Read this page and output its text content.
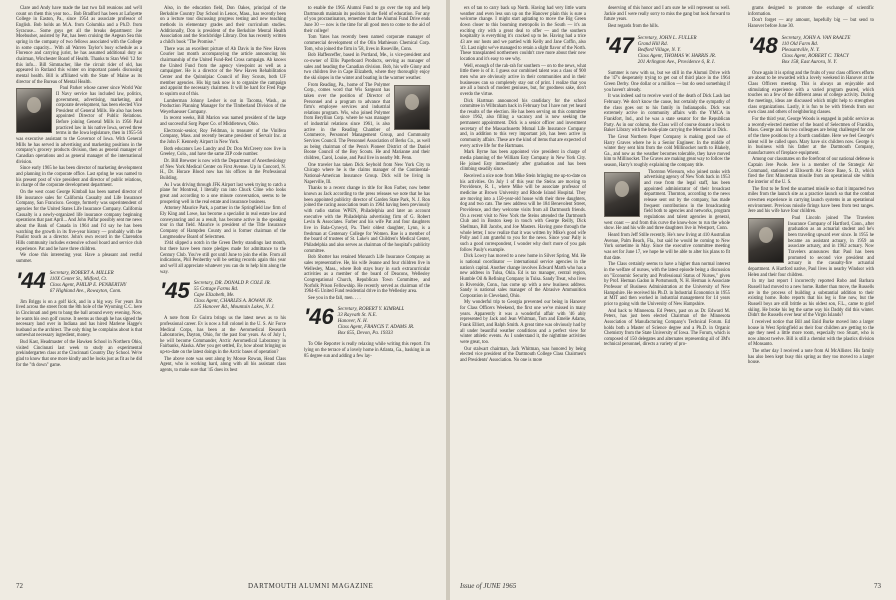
Clare and Andy have made the last two fall reunions and we'll count on them this year too... Bob Bradford has been at Lafayette College in Easton, Pa., since 1954 as associate professor of English. Bob holds an M.A. from Columbia and a Ph.D. from Syracuse... Some guys get all the breaks department: Joe Moebusher, assisted by Pat, has been cruising the Aegean Sea this spring in the company of two fellows associated with the College in some capacity... With all Warren Taylor's busy schedule as a Florence and carrying jurist, he has assumed additional duty as chairman, Winchester Board of Health. Thanks to Stan Weil '12 for this info... Bill Simmacher, like the circuit rider of old, has appeared in Rutland this winter on important panels discussing mental health. Bill is affiliated with the State of Maine as its director of the Bureau of Mental Health.

Paul Parker whose career since World War II Navy service has included law, politics, government, advertising, marketing, and corporate development, has been elected Vice President of General Mills. He also has been appointed Director of Public Relations. Before joining General Mills in 1956 Paul practiced law in his native Iowa, served three terms in the Iowa legislature, then in 1955-56 was executive assistant to the Governor of Iowa. With General Mills he has served in advertising and marketing positions in the company's grocery products division, then as general manager of Canadian operations and as general manager of the international division.

Since early 1965 he has been director of marketing development and planning in the corporate office. Last spring he was named to his present post of vice president and director of public relations, in charge of the corporate development department.

On the west coast George Kimball has been named director of life insurance sales for California Casualty and Life Insurance Company, San Francisco. George, formerly was superintendent of agencies for the United States Life Insurance Company. California Casualty is a newly-organized life insurance company beginning operations that past April... And John Palfar possibly sent me news about the Bank of Canada in 1964 and I'd say he has been watching the growth in its five-year history — probably with the Paulist touch as a director. John's own record in the Clarendon Hills community includes extensive school board and service club experience. Pat and he have three children.

We close this interesting year. Have a pleasant and restful summer.

'44 Secretary, ROBERT A. MILLER
110X Center St., Milford, Ct.
Class Agent, PHILIP E. PENBERTHY
67 Highland Ave., Rowayton, Conn.

Jim Briggs is on a golf kick, and in a big way. For years Jim lived across the street from the 8th hole of the Wyoming C.C. here in Cincinnati and gets to bang the ball around every evening. Now, he wants his own golf course. It seems as though he has signed the necessary land over in Indiana and has hired Marlene Hagge's husband as the architect. The only thing he complains about is that somewhat necessary ingredient, money.

Bud Kast, Headmaster of the Hawken School in Northern Ohio, visited Cincinnati last week to study an experimental prekindergarten class at the Cincinnati Country Day School. We're glad to know that one more kindly and he looks just as fit as he did for the "th down" game.

Also, in the education field, Don Oakes, principal of the Berkshire Country Day School in Lenox, Mass., has recently been on a lecture tour discussing progress testing and new teaching methods in elementary grades and their curriculum studies. Additionally, Don is president of the Berkshire Mental Health Association and the Stockbridge Library. Don has recently written a child's book "The Promise."

There was an excellent picture of Ab Davis in the New Haven Courier last month accompanying the article announcing his chairmanship of the United Fund-Red Cross campaign. Ab knows the United Fund from the agency viewpoint as well as a campaigner. He is a director of the New Haven Rehabilitation Center and the Quinnipiac Council of Boy Scouts, both UF member agencies. His big task now is to organize the campaign and appoint the necessary chairmen. It will be hard for Fred Page to squirm out of this.

Lumberman Johnny Lesher is out in Tacoma, Wash., as Production Planning Manager for the Timberland Division of the Weyerhaeuser Company.

In recent weeks, Bill Marion was named president of the large and successful Sorg Paper Co. of Middletown, Ohio.

Electronic-senior, Roy Feldman, is treasurer of the Vinifera Company, Mass. and recently became president of Servair Inc. at the John F. Kennedy Airport in New York.

Both educators Leo Landry and Dr. Don McCreery now live in Greeley, Colo., and have the same ZIP code number.

Dr. Bill Brewster is now with the Department of Anesthesiology of New York Medical Center on First Avenue. Up in Concord, N. H., Dr. Horace Blood now has his offices in the Professional Building.

As I was driving through JFK Airport last week trying to catch a plane for Montreal, I literally ran into Chuck Cline who looks great and according to a one minute conversation, seems to be prospering well in the real estate and insurance business.

Attorney Maurice Park, a partner in the Springfield law firm of Ely King and Lowe, has become a specialist in real estate law and conveyancing and as a result, has become active in the speaking tour in that field. Maurice is president of the Title Insurance Company of Hampden County and is former chairman of the Longmeadow Board of Selectmen.

1944 slipped a notch in the Green Derby standings last month, but there have been more pledges made for admittance to the Century Club. You've still got until June to join the elite. From all indications, Phil Penberthy will be setting records again this year and we'll all appreciate whatever you can do to help him along the way.

'45 Secretary, DR. DONALD P. COLE JR.
55 Cottage Farms Rd.
Cape Elizabeth, Me.
Class Agent, CHARLES A. ROWAN JR.
125 Hanover Rd., Mountain Lakes, N. J.

A note from Ev Guirra brings us the latest news as to his professional career. Ev is now a full colonel in the U. S. Air Force Medical Corps, has been at the Aeromedical Research Laboratories, Dayton, Ohio, for the past four years. As of July 1, he will become Commander, Arctic Aeromedical Laboratory in Fairbanks, Alaska. After you get settled, Ev, how about bringing us up-to-date on the latest doings in the Arctic bases of operation?

The above note was sent along by Moose Rowan, Head Class Agent, who is working hard, along with all his assistant class agents, to make sure that '45 does its best

to enable the 1965 Alumni Fund to go over the top and help Dartmouth maintain its position in the field of education. For any of you procrastinators, remember that the Alumni Fund Drive ends June 30 — now is the time for all good men to come to the aid of their college!

Tom Yates has recently been named corporate manager of commercial development of the Olin Mathieson Chemical Corp. Tom, who joined the firm in '58, lives in Roseville, Conn.

Bob Haffenreffer, based in Portland, Me., is vice-president and co-owner of Ellis Paperboard Products, serving as manager of sales and heading the Canadian division. Bob, his wife Ginny and two children live in Cape Elizabeth, where they thoroughly enjoy the ski slopes in the winter and boating in the warmer weather.

From Reading, Pa., home of The Polymer Corp., comes word that Wis Sargeant has taken over the position of Director of Personnel and a program to advance that firm's employee services and industrial relations program. Wis, who joined Polymer from Berylliun Corp. where he was manager of industrial relations since 1961, is also active in the Reading Chamber of Commerce, Personnel Management Group, and Community Services Council. The Personnel Association of Berks Co., as well as being chairman of the Penn's Pioneer District of the Daniel Boone Council of the Boy Scouts. He and Marianne and their children, Carol, Louise, and Paul live in nearby Mt. Penn.

One traveler has taken Dick Seybold from New York City to Chicago where he is the claims manager of the Continental-National-American Insurance Group. Dick will be living in Naperville, Ill.

Thanks to a recent change in title for Ron Farber, now better known as Jack according to the press releases we note that he has been appointed publicity director of Garden State Park, N. J. Ron joined the racing association team in 1964 having been previously with radio station WPEN, Philadelphia and later an account executive with the Philadelphia advertising firm of G. Robert Levin & Associates. Farber and his wife Pat and four daughters live in Bala-Cynwyd, Pa. Their oldest daughter, Lynn, is a freshman at Centenary College for Women. Roe is a member of the board of trustees of St. Luke's and Children's Medical Center, Philadelphia and also serves as chairman of the hospital's publicity committee.

Bob Shotter has retained Monarch Life Insurance Company as sales representative. He, his wife Jeanne and four children live in Wellesley, Mass., where Bob stays busy in such extracurricular activities as a member of the board of Deacons, Wellesley Congregational Church, Republican Town Committee, and Norfolk Prison Fellowship. He recently served as chairman of the 1964-65 United Fund residential drive in the Wellesley area.

See you in the fall, men. . . .

'46 Secretary, ROBERT Y. KIMBALL
33 Rayvath St. N.E.
Hanover, N. H.
Class Agent, FRANCIS T. ADAMS JR.
Box 655, Devon, Pa. 19333

To Olie Reporter is really relaxing while writing this report. I'm lying on the terrace of a lovely home in Atlanta, Ga., basking in an 85 degree sun and adding a few lay-

72	DARTMOUTH ALUMNI MAGAZINE

ers of tan to carry back up North. Having had very little warm weather and even less sun up on the Hanover plain this is sure a welcome change. I might start agitating to move the Big Green down closer to this booming metropolis in the South — it's an exciting city with a great deal to offer — and the southern hospitality is everything it's cracked up to be. Having had a trice 43 are our hosts and we partied with Kelly and Jane Coffin, also '43. Last night we've managed to retain a slight flavor of the North. These transplanted northerners couldn't rave more about their new location and it's easy to see why.

Well, enough of the rah-rah for southern — on to the news, what little there is of it. I guess our combined talent was a class of 900 men who are obviously active in their communities and in their businesses can so completely stay out of print. I realize that you are all a bunch of modest geniuses, but, for goodness sake, don't overdo the virtue.

Dick Hartman announced his candidacy for the school committee in Wilbraham back in February but I have not yet heard the results of the election. He has been serving on this committee since 1962, also filling a vacancy and is now seeking the permanent appointment. Dick is a senior officer and investment secretary of the Massachusetts Mutual Life Insurance Company and, in addition to this very important job, has been active in community affairs. These are the kind of items that are expected of every active life for the Hartmans.

Mark Byrne has been appointed vice president in charge of media planning of the William Esty Company in New York City. He joined Esty immediately after graduation and has been climbing steadily since.

Received a nice note from Mike Stein bringing me up-to-date on his activities. On July 1 of this year the Steins are moving to Providence, R. I., where Mike will be associate professor of medicine at Brown University and Rhode Island Hospital. They are moving into a 150-year-old house with their three daughters, dog and two cats. The new address will be 184 Benevolent Street, Providence, and they welcome visits from all Dartmouth friends. On a recent visit to New York the Steins attended the Dartmouth Club and in Boston keep in touch with George Reilly, Dick Shellman, Bill Jacobs, and Joe Masters. Having gone through the whole letter, I now realize that it was written by Mike's good wife Polly and I am grateful to you for the news. Since your Pally is such a good correspondent, I wonder why don't more of you gals follow Pauly's example.

Dick Lowry has moved to a new home in Silver Spring, Md. He is national coordinator — international service agencies in the nation's capital. Another change involves Edward Marth who has a new address in Tulsa, Okla. Ed is tax manager, central region, Humble Oil & Refining Company in Tulsa. Sandy Treat, who lives in Riverside, Conn., has come up with a new business address. Sandy is national sales manager of the Abrasive Ammunition Corporation in Cleveland, Ohio.

My wonderful trip to Georgia prevented our being in Hanover for Class Officers Weekend, the first one we've missed in many years. Apparently it was a wonderful affair with '46 ably represented by Jack and Jean Whitman, Tom and Emelie Adams, Frank Elliott, and Ralph Smith. A great time was obviously had by all under beautiful weather conditions and a perfect view for winter athletic events. As I understand it, the nighttime activities were great, too.

Our stalwart chairman, Jack Whitman, was honored by being elected vice president of the Dartmouth College Class Chairmen's and Presidents' Association. No one is more

deserving of this honor and I am sure he will represent us well. Jackie and I were really sorry to miss the gang but look forward to future years.

Best regards from the hills.

'47 Secretary, JOHN L. FULLER
Grand Hill Rd.
Bedford Village, N. Y.
Class Agent, THOMAS W. HARRIS JR.
201 Arlington Ave., Providence 6, R. I.

Summer is now with us, but we still in the Alumni Drive with the '47's desperately trying to get out of third place in the 1964 Green Derby. One dollar or a million — but do send something if you haven't already.

It was indeed sad to receive word of the death of Dick Lash last February. We don't know the cause, but certainly the sympathy of the class goes out to his family in Indianapolis. Dick was extremely active in community affairs with the YMCA in Frankfort, Ind., and he was a state senator for the Republican Party. As in our column, the Class will of course donate a book to Baker Library with the book-plate carrying the Memorial to Dick.

The Great Northern Paper Company is making good use of Harry Graves where he is a Senior Engineer. In the middle of winter they sent him from the cold Millinocket north to Blakely, Ga., and now as the weather becomes tolerable, they have moved him to Millinocket. The Graves are making great way to follow the season, Harry's roughly explaining the company title.

Thornton Wiersum, who joined ranks with advertising agency of New York back in 1953 and rose from the legal staff, has been appointed administrator of their broadcast department. Thornton, according to the news release sent out by the company, has made frequent contributions in the broadcasting field both to agencies and networks, program regulations and talent agencies in general, west coast — and from this curve the know-how to run the whole show. He and his wife and three daughters live in Westport, Conn.

Heard from Jeff Stille recently. He's now living at 410 Australian Avenue, Palm Beach, Fla., but said he would be coming to New York sometime in May. Since the executive committee meeting was set for June 17, we hope he will be able to alter his plans to fit that date.

The Class certainly seems to have a higher than normal interest in the welfare of nurses, with the latest episode being a discussion on "Economic Security and Professional Status of Nurses," given by Prof. Herman Gadon in Portsmouth, N. H. Herman is Associate Professor of Business Administration at the University of New Hampshire. He received his Ph.D. in Industrial Economics in 1955 at MIT and then worked in industrial management for 14 years prior to going with the University of New Hampshire.

And back to Minnesota. Ed Peters, past on as Dr. Edward M. Peters, has just been elected Chairman of the Minnesota Association of Manufacturing Company's Technical Forum. Ed holds both a Master of Science degree and a Ph.D. in Organic Chemistry from the State University of Iowa. The Forum, which is composed of 150 delegates and alternates representing all of 3M's technical personnel, directs a variety of pro-

grams designed to promote the exchange of scientific information.

Don't forget — any amount, hopefully big — but send to Hanover before June 30.

'48 Secretary, JOHN A. VAN RAALTE
110 Old Farm Rd.
Pleasantville, N. Y.
Class Agent, ROBERT C. TRACY
Box 158, East Aurora, N. Y.

Once again it is spring and the fruits of your class officers efforts are about to be rewarded with a lovely weekend in Hanover at the Class Officers meeting. This is always an enjoyable and stimulating experience with a varied program geared, which touches on a few of the different areas of college activity. During the meetings, ideas are discussed which might help to strengthen class organizations. Lastly, it is fun to be with friends from our own class and others of neighboring classes.

For the third year, George Woods is engaged in public service as a recently-elected member of the board of Selectmen of Franklin, Mass. George and his two colleagues are being challenged for one of the three positions by a fourth candidate. Here we feel George's talent will be called upon. Mary have six children now. George is in business with his father at the Dartmouth Company, manufacturers of fireplace equipment.

Among our classmates on the forefront of our national defense is Captain Jere Poole. Jere is a member of the Strategic Air Command, stationed at Ellsworth Air Force Base, S. D., which fired the first Minuteman missile from an operational site within the interior of the U. S.

The first to be fired the unarmed missile so that it impacted two miles from the launch site as a practice launch so that the combat crewmen experience in carrying launch systems in an operational environment. Previous missile firings have been from test ranges. Jere and his wife have four children.

Paul Lincoln joined The Travelers Insurance Company of Hartford, Conn., after graduation as an actuarial student and he's been traveling upward ever since. In 1955 he became an assistant actuary, in 1959 an associate actuary, and in 1962 actuary. Now Travelers announces that Paul has been promoted to second vice president and actuary in the casualty-fire actuarial department. A Hartford native, Paul lives in nearby Windsor with Helen and their four children.

In my last report I incorrectly reported Robo and Barbara Russell had moved to a new home. Rather than move, the Russells are in the process of building a substantial addition to their existing home. Robo reports that his leg is fine now, but the Russell boys are still brittle as his oldest son, F.L., came to grief skiing. He broke his leg the same way his Daddy did this winter. Didn't the Russells ever hear of the Virgin Islands?

I received notice that Bill and Enid Burke moved into a larger house in West Springfield as their four children are getting to the age they need a little more room, especially two Stuart, who is now almost twelve. Bill is still a chemist with the plastics division of Monsanto.

The other day I received a note from Al McAllister. His family has also been kept busy this spring as they too moved to a larger house.

Issue of JUNE 1965	73
